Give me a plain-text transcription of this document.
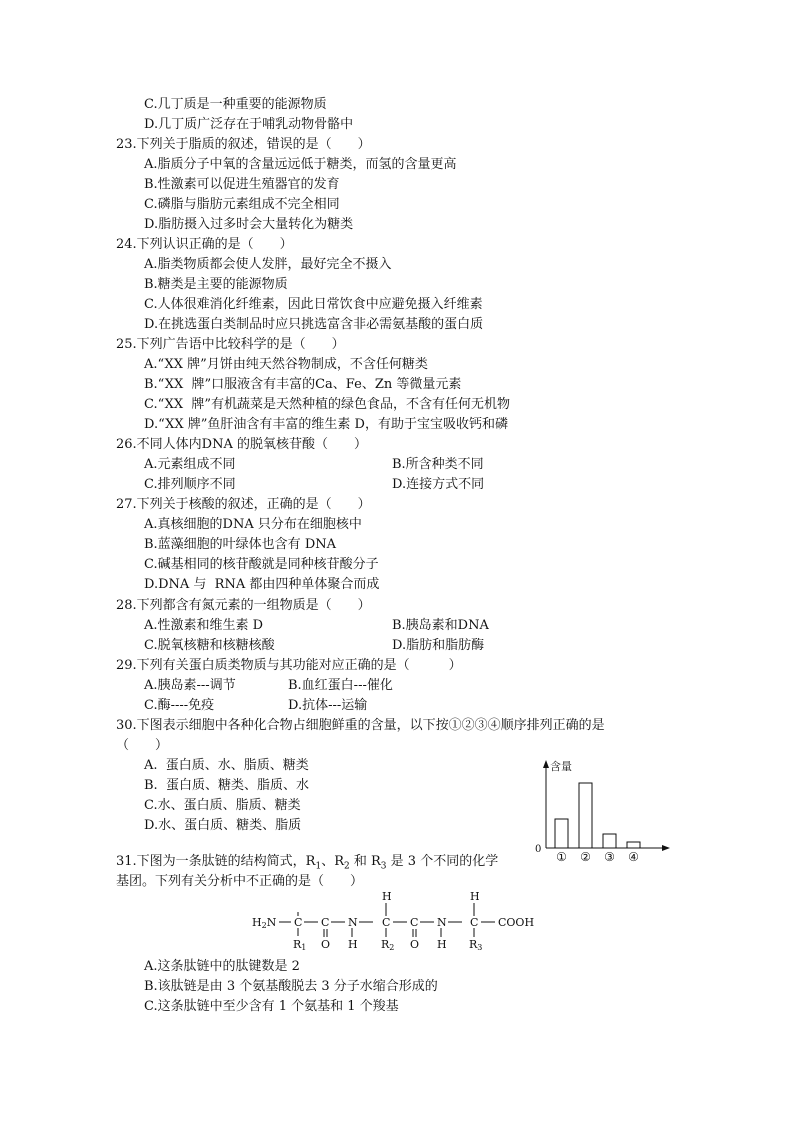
C.几丁质是一种重要的能源物质
D.几丁质广泛存在于哺乳动物骨骼中
23.下列关于脂质的叙述，错误的是（　　）
A.脂质分子中氧的含量远远低于糖类，而氢的含量更高
B.性激素可以促进生殖器官的发育
C.磷脂与脂肪元素组成不完全相同
D.脂肪摄入过多时会大量转化为糖类
24.下列认识正确的是（　　）
A.脂类物质都会使人发胖，最好完全不摄入
B.糖类是主要的能源物质
C.人体很难消化纤维素，因此日常饮食中应避免摄入纤维素
D.在挑选蛋白类制品时应只挑选富含非必需氨基酸的蛋白质
25.下列广告语中比较科学的是（　　）
A.“XX 牌”月饼由纯天然谷物制成，不含任何糖类
B.“XX  牌”口服液含有丰富的Ca、Fe、Zn 等微量元素
C.“XX  牌”有机蔬菜是天然种植的绿色食品，不含有任何无机物
D.“XX 牌”鱼肝油含有丰富的维生素 D，有助于宝宝吸收钙和磷
26.不同人体内DNA 的脱氧核苷酸（　　）
27.下列关于核酸的叙述，正确的是（　　）
A.真核细胞的DNA 只分布在细胞核中
B.蓝藻细胞的叶绿体也含有 DNA
C.碱基相同的核苷酸就是同种核苷酸分子
D.DNA 与  RNA 都由四种单体聚合而成
28.下列都含有氮元素的一组物质是（　　）
29.下列有关蛋白质类物质与其功能对应正确的是（　　　）
30.下图表示细胞中各种化合物占细胞鲜重的含量，以下按①②③④顺序排列正确的是
（　　）
A.  蛋白质、水、脂质、糖类
B.  蛋白质、糖类、脂质、水
C.水、蛋白质、脂质、糖类
D.水、蛋白质、糖类、脂质
基团。下列有关分析中不正确的是（　　）
A.这条肽链中的肽键数是 2
B.该肽链是由 3 个氨基酸脱去 3 分子水缩合形成的
C.这条肽链中至少含有 1 个氨基和 1 个羧基
A.元素组成不同	B.所含种类不同
C.排列顺序不同	D.连接方式不同
A.性激素和维生素 D	B.胰岛素和DNA
C.脱氧核糖和核糖核酸	D.脂肪和脂肪酶
A.胰岛素---调节	B.血红蛋白---催化
C.酶----免疫	D.抗体---运输
31.下图为一条肽链的结构简式，$R_1$、$R_2$ 和 $R_3$ 是 3 个不同的化学
含量
0
① ② ③ ④
H2N C
R1
C
O
N
H
H
C
R2
C
O
N
H
H
C
R3
COOH
